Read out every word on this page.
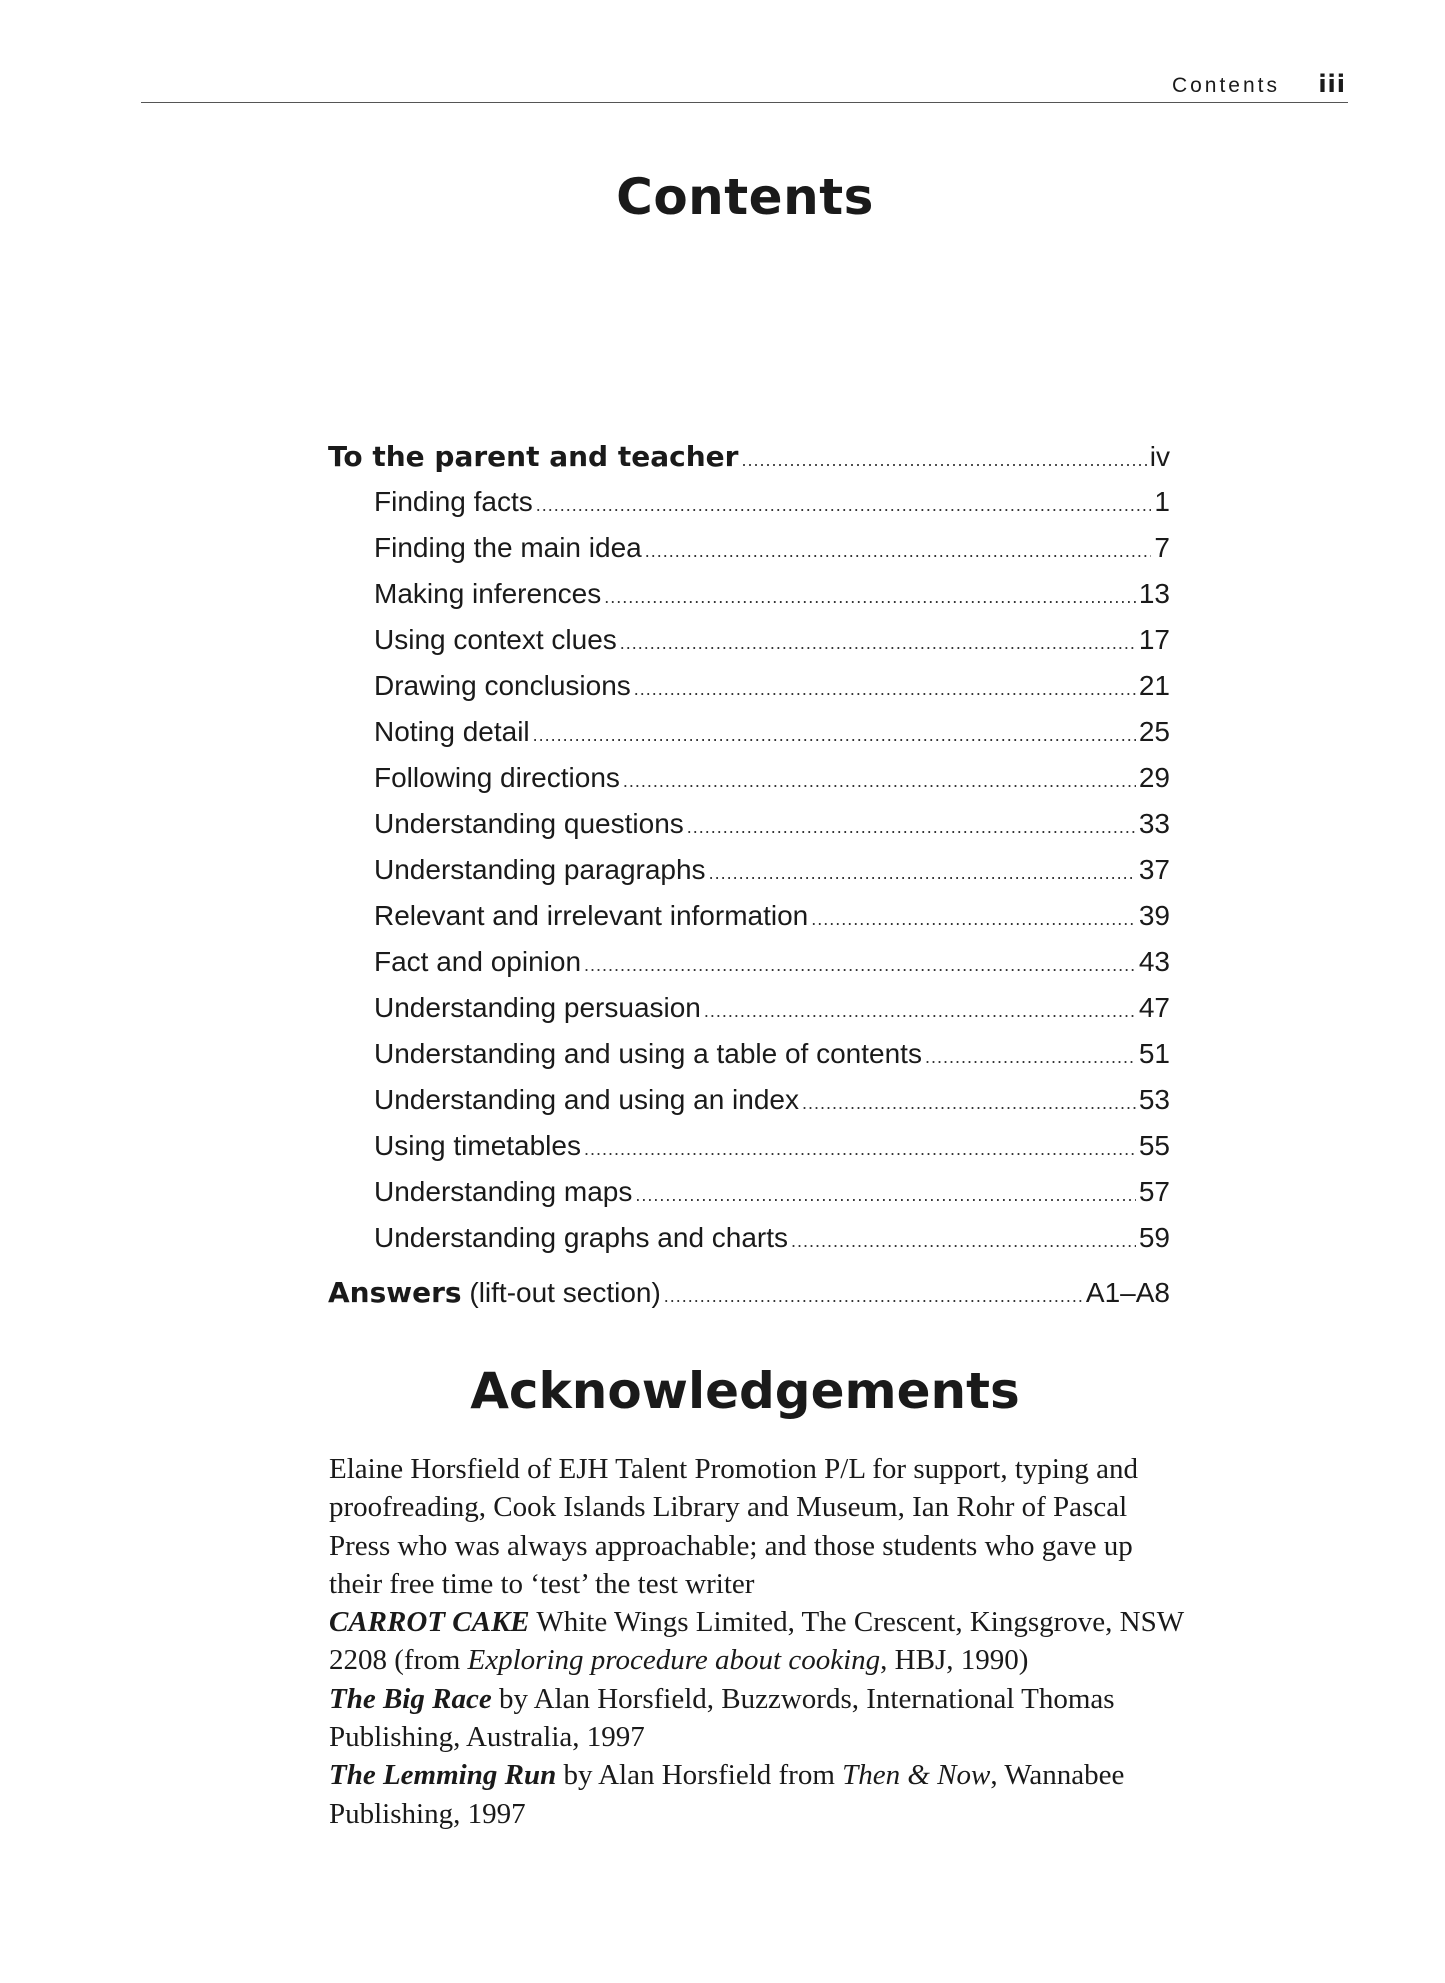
Contents iii
Contents
To the parent and teacher .....	iv
Finding facts .....	1
Finding the main idea .....	7
Making inferences .....	13
Using context clues .....	17
Drawing conclusions .....	21
Noting detail .....	25
Following directions .....	29
Understanding questions .....	33
Understanding paragraphs .....	37
Relevant and irrelevant information .....	39
Fact and opinion .....	43
Understanding persuasion .....	47
Understanding and using a table of contents .....	51
Understanding and using an index .....	53
Using timetables .....	55
Understanding maps .....	57
Understanding graphs and charts .....	59
Answers (lift-out section) .....	A1–A8
Acknowledgements

Elaine Horsfield of EJH Talent Promotion P/L for support, typing and proofreading, Cook Islands Library and Museum, Ian Rohr of Pascal Press who was always approachable; and those students who gave up their free time to ‘test’ the test writer

CARROT CAKE White Wings Limited, The Crescent, Kingsgrove, NSW 2208 (from Exploring procedure about cooking, HBJ, 1990)

The Big Race by Alan Horsfield, Buzzwords, International Thomas Publishing, Australia, 1997

The Lemming Run by Alan Horsfield from Then & Now, Wannabee Publishing, 1997
